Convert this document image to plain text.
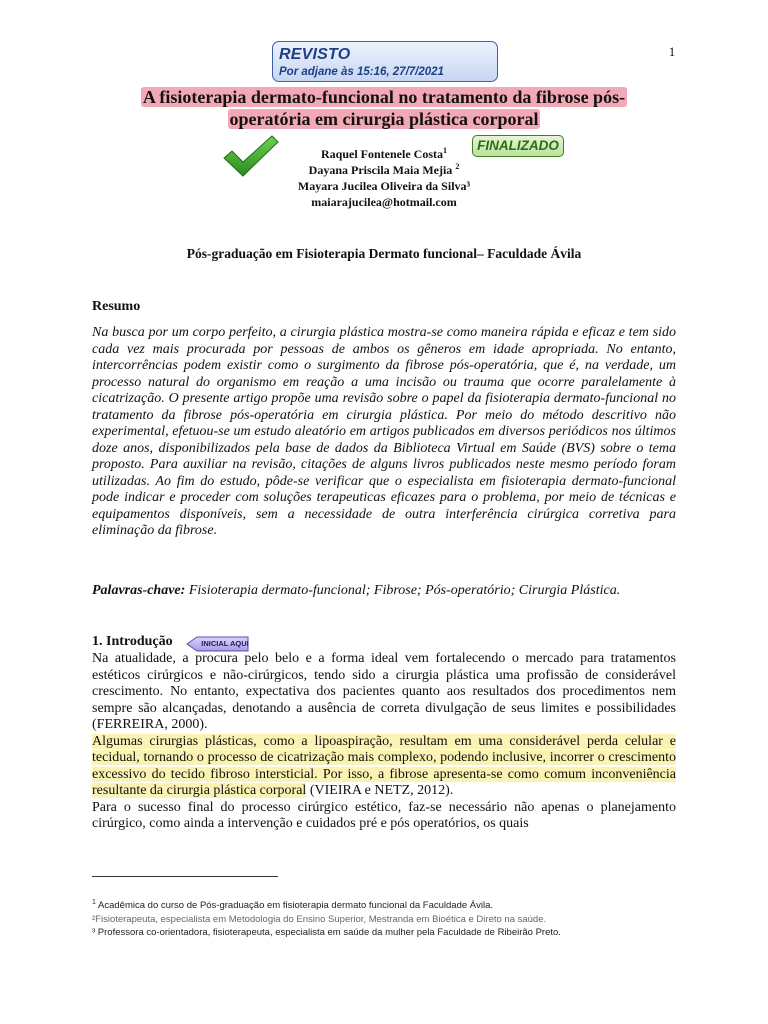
REVISTO
Por adjane às 15:16, 27/7/2021
1
A fisioterapia dermato-funcional no tratamento da fibrose pós-
operatória em cirurgia plástica corporal
FINALIZADO
Raquel Fontenele Costa$^1$
Dayana Priscila Maia Mejia $^2$
Mayara Jucilea Oliveira da Silva³
maiarajucilea@hotmail.com
Pós-graduação em Fisioterapia Dermato funcional– Faculdade Ávila
Resumo
Na busca por um corpo perfeito, a cirurgia plástica mostra-se como maneira rápida e eficaz e tem sido cada vez mais procurada por pessoas de ambos os gêneros em idade apropriada. No entanto, intercorrências podem existir como o surgimento da fibrose pós-operatória, que é, na verdade, um processo natural do organismo em reação a uma incisão ou trauma que ocorre paralelamente à cicatrização. O presente artigo propõe uma revisão sobre o papel da fisioterapia dermato-funcional no tratamento da fibrose pós-operatória em cirurgia plástica. Por meio do método descritivo não experimental, efetuou-se um estudo aleatório em artigos publicados em diversos periódicos nos últimos doze anos, disponibilizados pela base de dados da Biblioteca Virtual em Saúde (BVS) sobre o tema proposto. Para auxiliar na revisão, citações de alguns livros publicados neste mesmo período foram utilizadas. Ao fim do estudo, pôde-se verificar que o especialista em fisioterapia dermato-funcional pode indicar e proceder com soluções terapeuticas eficazes para o problema, por meio de técnicas e equipamentos disponíveis, sem a necessidade de outra interferência cirúrgica corretiva para eliminação da fibrose.
Palavras-chave: Fisioterapia dermato-funcional; Fibrose; Pós-operatório; Cirurgia Plástica.
1. Introdução	INICIAL AQUI

Na atualidade, a procura pelo belo e a forma ideal vem fortalecendo o mercado para tratamentos estéticos cirúrgicos e não-cirúrgicos, tendo sido a cirurgia plástica uma profissão de considerável crescimento. No entanto, expectativa dos pacientes quanto aos resultados dos procedimentos nem sempre são alcançadas, denotando a ausência de correta divulgação de seus limites e possibilidades (FERREIRA, 2000).

Algumas cirurgias plásticas, como a lipoaspiração, resultam em uma considerável perda celular e tecidual, tornando o processo de cicatrização mais complexo, podendo inclusive, incorrer o crescimento excessivo do tecido fibroso intersticial. Por isso, a fibrose apresenta-se como comum inconveniência resultante da cirurgia plástica corporal (VIEIRA e NETZ, 2012).

Para o sucesso final do processo cirúrgico estético, faz-se necessário não apenas o planejamento cirúrgico, como ainda a intervenção e cuidados pré e pós operatórios, os quais

$^1$ Acadêmica do curso de Pós-graduação em fisioterapia dermato funcional da Faculdade Ávila.
²Fisioterapeuta, especialista em Metodologia do Ensino Superior, Mestranda em Bioética e Direto na saúde.
³ Professora co-orientadora, fisioterapeuta, especialista em saúde da mulher pela Faculdade de Ribeirão Preto.
